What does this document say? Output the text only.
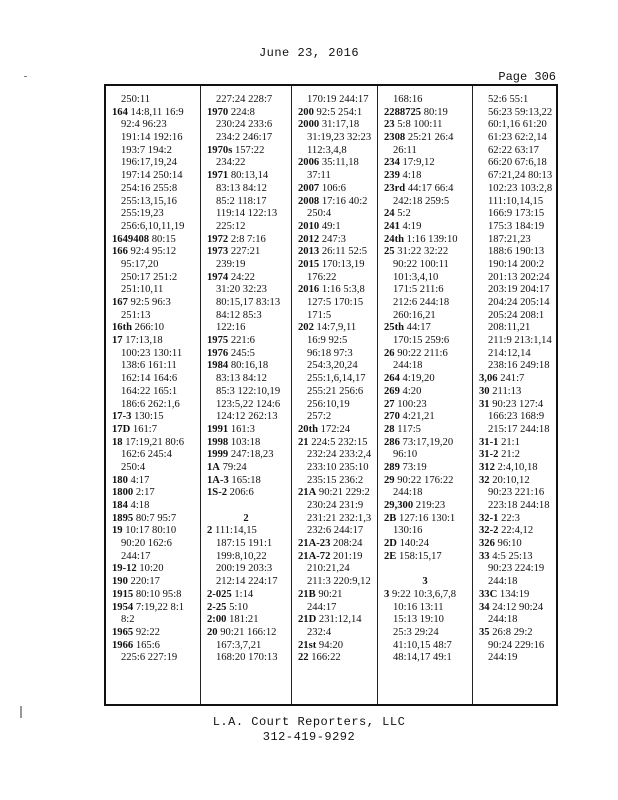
June 23, 2016
Page 306
250:11
164 14:8,11 16:9
92:4 96:23
191:14 192:16
193:7 194:2
196:17,19,24
197:14 250:14
254:16 255:8
255:13,15,16
255:19,23
256:6,10,11,19
1649408 80:15
166 92:4 95:12
95:17,20
250:17 251:2
251:10,11
167 92:5 96:3
251:13
16th 266:10
17 17:13,18
100:23 130:11
138:6 161:11
162:14 164:6
164:22 165:1
186:6 262:1,6
17-3 130:15
17D 161:7
18 17:19,21 80:6
162:6 245:4
250:4
180 4:17
1800 2:17
184 4:18
1895 80:7 95:7
19 10:17 80:10
90:20 162:6
244:17
19-12 10:20
190 220:17
1915 80:10 95:8
1954 7:19,22 8:1
8:2
1965 92:22
1966 165:6
225:6 227:19
227:24 228:7
1970 224:8
230:24 233:6
234:2 246:17
1970s 157:22
234:22
1971 80:13,14
83:13 84:12
85:2 118:17
119:14 122:13
225:12
1972 2:8 7:16
1973 227:21
239:19
1974 24:22
31:20 32:23
80:15,17 83:13
84:12 85:3
122:16
1975 221:6
1976 245:5
1984 80:16,18
83:13 84:12
85:3 122:10,19
123:5,22 124:6
124:12 262:13
1991 161:3
1998 103:18
1999 247:18,23
1A 79:24
1A-3 165:18
1S-2 206:6
2
2 111:14,15
187:15 191:1
199:8,10,22
200:19 203:3
212:14 224:17
2-025 1:14
2-25 5:10
2:00 181:21
20 90:21 166:12
167:3,7,21
168:20 170:13
170:19 244:17
200 92:5 254:1
2000 31:17,18
31:19,23 32:23
112:3,4,8
2006 35:11,18
37:11
2007 106:6
2008 17:16 40:2
250:4
2010 49:1
2012 247:3
2013 26:11 52:5
2015 170:13,19
176:22
2016 1:16 5:3,8
127:5 170:15
171:5
202 14:7,9,11
16:9 92:5
96:18 97:3
254:3,20,24
255:1,6,14,17
255:21 256:6
256:10,19
257:2
20th 172:24
21 224:5 232:15
232:24 233:2,4
233:10 235:10
235:15 236:2
21A 90:21 229:2
230:24 231:9
231:21 232:1,3
232:6 244:17
21A-23 208:24
21A-72 201:19
210:21,24
211:3 220:9,12
21B 90:21
244:17
21D 231:12,14
232:4
21st 94:20
22 166:22
168:16
2288725 80:19
23 5:8 100:11
2308 25:21 26:4
26:11
234 17:9,12
239 4:18
23rd 44:17 66:4
242:18 259:5
24 5:2
241 4:19
24th 1:16 139:10
25 31:22 32:22
90:22 100:11
101:3,4,10
171:5 211:6
212:6 244:18
260:16,21
25th 44:17
170:15 259:6
26 90:22 211:6
244:18
264 4:19,20
269 4:20
27 100:23
270 4:21,21
28 117:5
286 73:17,19,20
96:10
289 73:19
29 90:22 176:22
244:18
29,300 219:23
2B 127:16 130:1
130:16
2D 140:24
2E 158:15,17
3
3 9:22 10:3,6,7,8
10:16 13:11
15:13 19:10
25:3 29:24
41:10,15 48:7
48:14,17 49:1
52:6 55:1
56:23 59:13,22
60:1,16 61:20
61:23 62:2,14
62:22 63:17
66:20 67:6,18
67:21,24 80:13
102:23 103:2,8
111:10,14,15
166:9 173:15
175:3 184:19
187:21,23
188:6 190:13
190:14 200:2
201:13 202:24
203:19 204:17
204:24 205:14
205:24 208:1
208:11,21
211:9 213:1,14
214:12,14
238:16 249:18
3,06 241:7
30 211:13
31 90:23 127:4
166:23 168:9
215:17 244:18
31-1 21:1
31-2 21:2
312 2:4,10,18
32 20:10,12
90:23 221:16
223:18 244:18
32-1 22:3
32-2 22:4,12
326 96:10
33 4:5 25:13
90:23 224:19
244:18
33C 134:19
34 24:12 90:24
244:18
35 26:8 29:2
90:24 229:16
244:19
L.A. Court Reporters, LLC
312-419-9292
